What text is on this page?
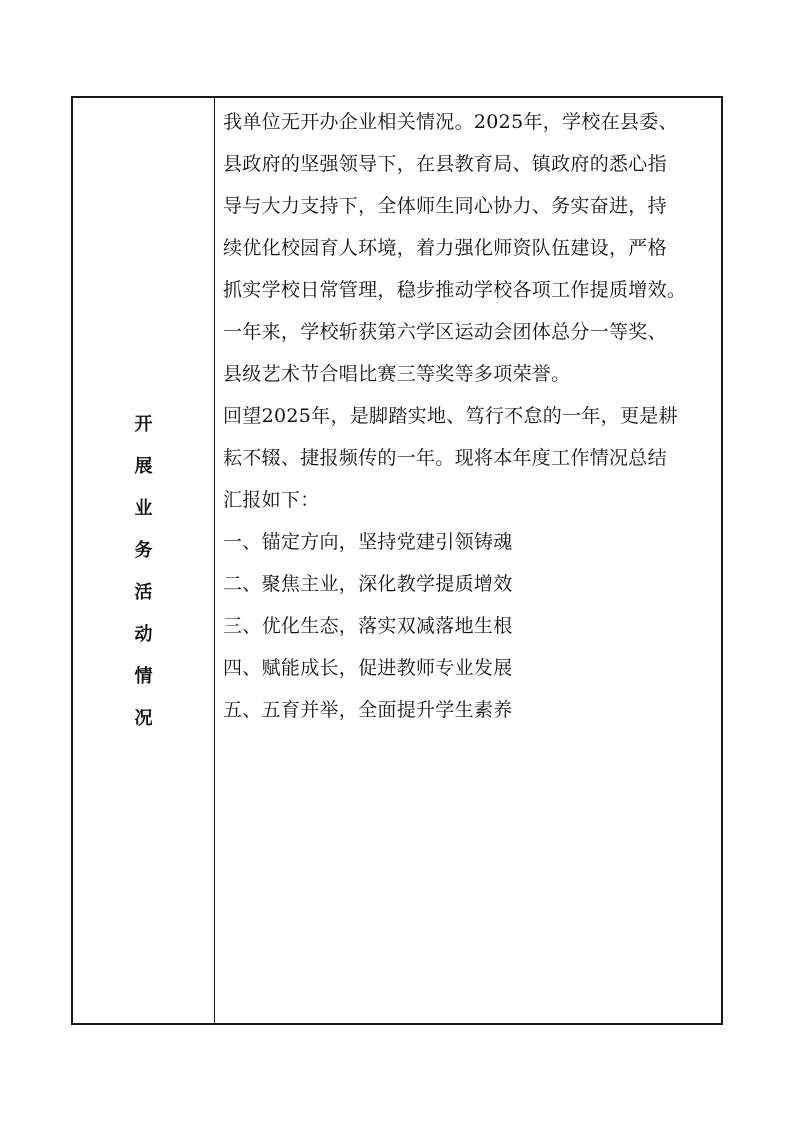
开
展
业
务
活
动
情
况
我单位无开办企业相关情况。2025年，学校在县委、
县政府的坚强领导下，在县教育局、镇政府的悉心指
导与大力支持下，全体师生同心协力、务实奋进，持
续优化校园育人环境，着力强化师资队伍建设，严格
抓实学校日常管理，稳步推动学校各项工作提质增效。
一年来，学校斩获第六学区运动会团体总分一等奖、
县级艺术节合唱比赛三等奖等多项荣誉。
回望2025年，是脚踏实地、笃行不怠的一年，更是耕
耘不辍、捷报频传的一年。现将本年度工作情况总结
汇报如下：
一、锚定方向，坚持党建引领铸魂
二、聚焦主业，深化教学提质增效
三、优化生态，落实双减落地生根
四、赋能成长，促进教师专业发展
五、五育并举，全面提升学生素养
